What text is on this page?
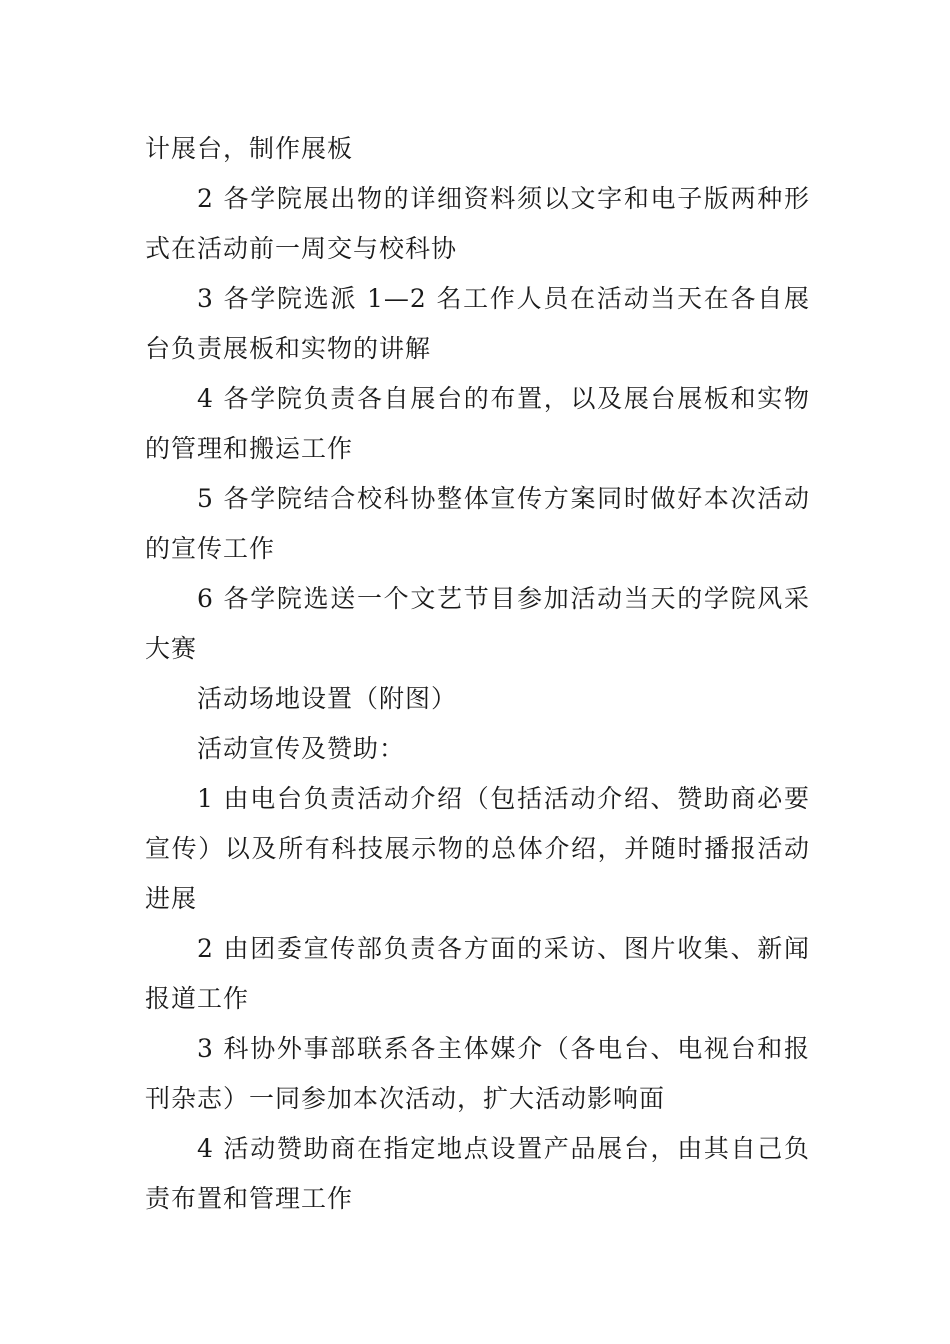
计展台，制作展板

2 各学院展出物的详细资料须以文字和电子版两种形式在活动前一周交与校科协

3 各学院选派 1—2 名工作人员在活动当天在各自展台负责展板和实物的讲解

4 各学院负责各自展台的布置，以及展台展板和实物的管理和搬运工作

5 各学院结合校科协整体宣传方案同时做好本次活动的宣传工作

6 各学院选送一个文艺节目参加活动当天的学院风采大赛

活动场地设置（附图）

活动宣传及赞助：

1 由电台负责活动介绍（包括活动介绍、赞助商必要宣传）以及所有科技展示物的总体介绍，并随时播报活动进展

2 由团委宣传部负责各方面的采访、图片收集、新闻报道工作

3 科协外事部联系各主体媒介（各电台、电视台和报刊杂志）一同参加本次活动，扩大活动影响面

4 活动赞助商在指定地点设置产品展台，由其自己负责布置和管理工作
